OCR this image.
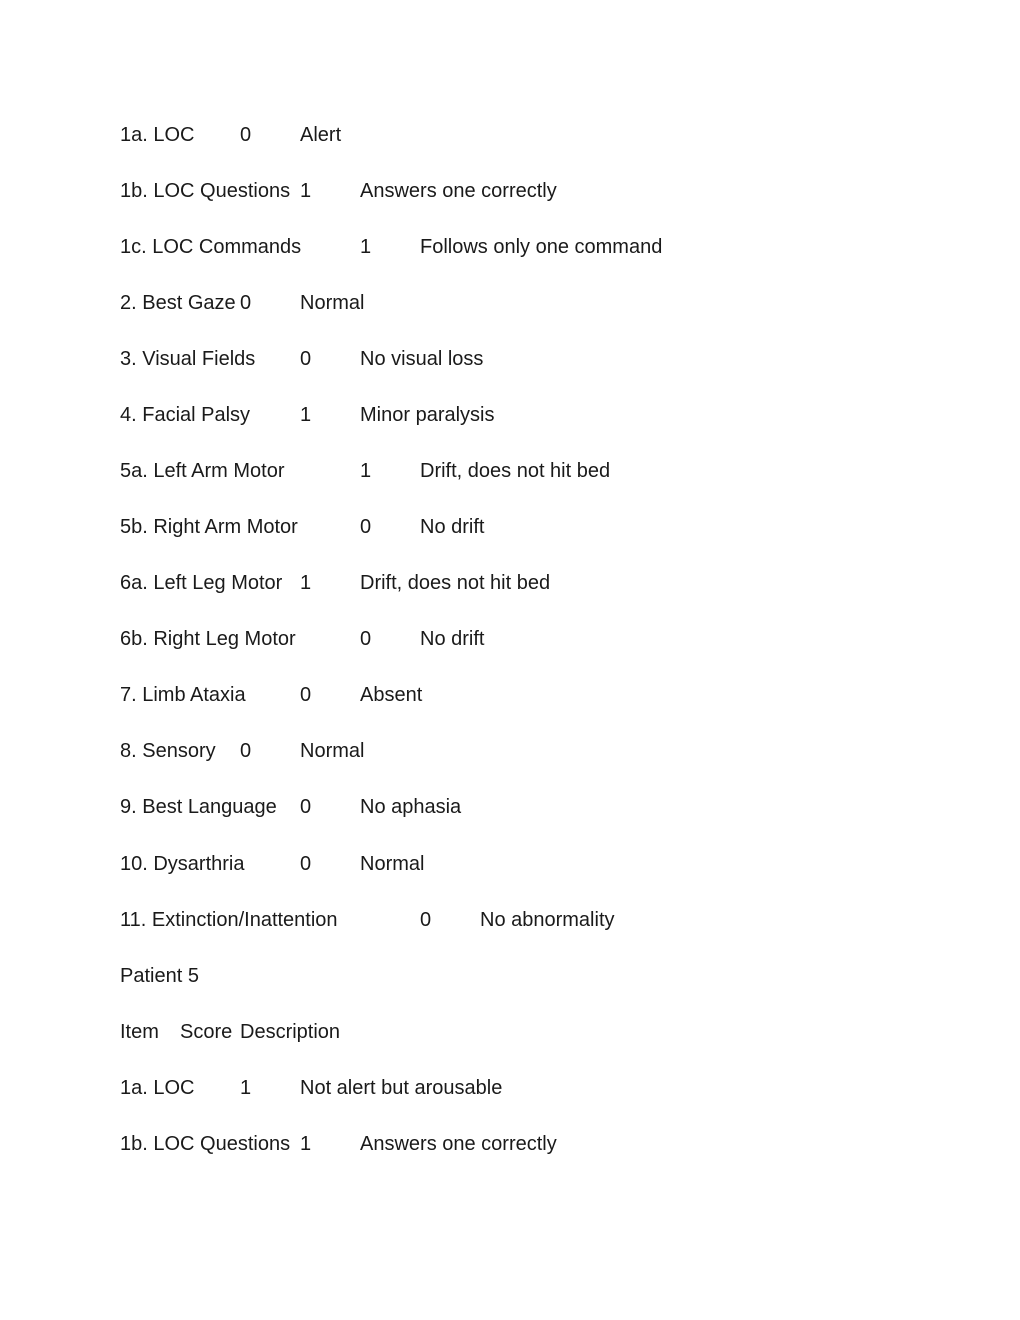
1a. LOC 0 Alert
1b. LOC Questions 1 Answers one correctly
1c. LOC Commands	1 Follows only one command
2. Best Gaze 0 Normal
3. Visual Fields 0 No visual loss
4. Facial Palsy 1 Minor paralysis
5a. Left Arm Motor	1 Drift, does not hit bed
5b. Right Arm Motor	0 No drift
6a. Left Leg Motor 1 Drift, does not hit bed
6b. Right Leg Motor	0 No drift
7. Limb Ataxia	0 Absent
8. Sensory 0 Normal
9. Best Language 0 No aphasia
10. Dysarthria	0 Normal
11. Extinction/Inattention	0 No abnormality
Patient 5
Item Score Description
1a. LOC 1 Not alert but arousable
1b. LOC Questions 1 Answers one correctly
